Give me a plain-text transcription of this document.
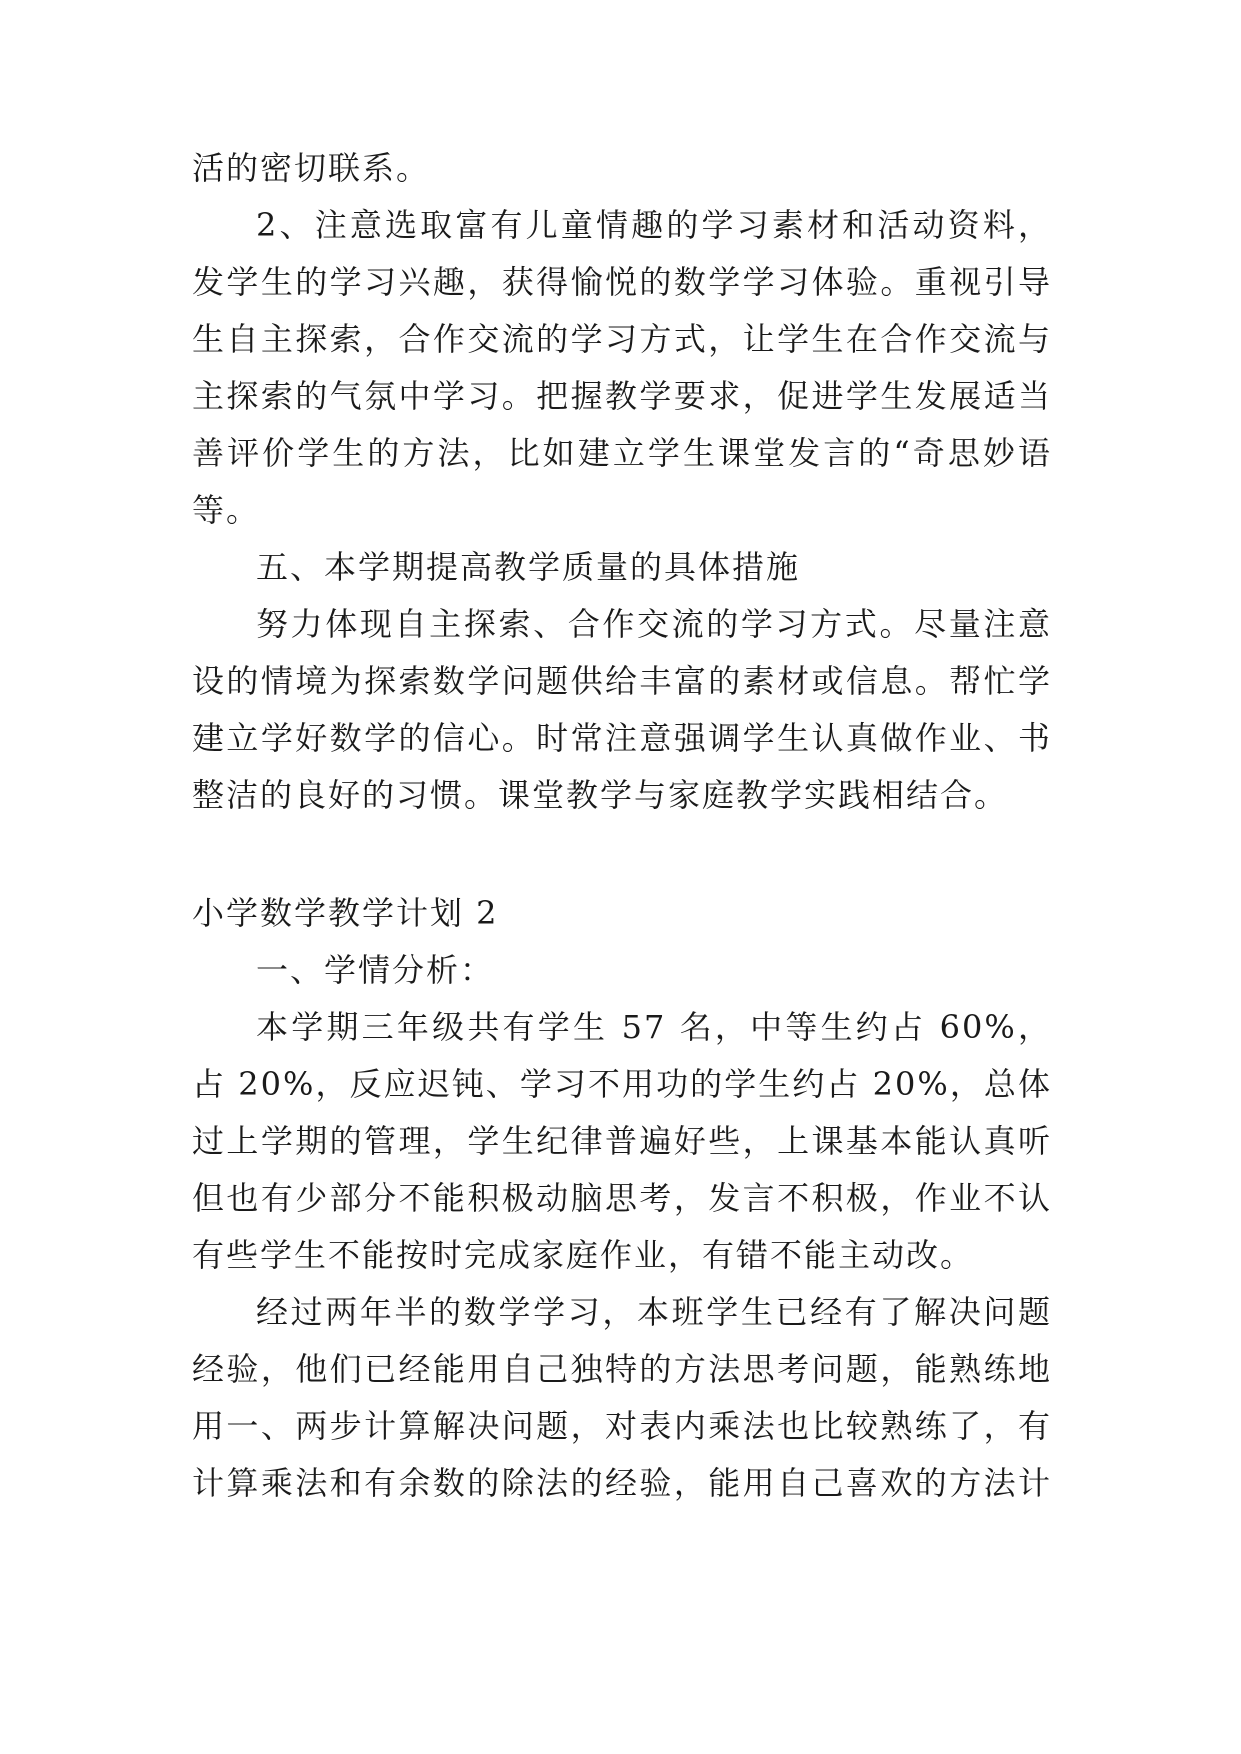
活的密切联系。
2、注意选取富有儿童情趣的学习素材和活动资料，
发学生的学习兴趣，获得愉悦的数学学习体验。重视引导
生自主探索，合作交流的学习方式，让学生在合作交流与
主探索的气氛中学习。把握教学要求，促进学生发展适当
善评价学生的方法，比如建立学生课堂发言的“奇思妙语
等。
五、本学期提高教学质量的具体措施
努力体现自主探索、合作交流的学习方式。尽量注意
设的情境为探索数学问题供给丰富的素材或信息。帮忙学
建立学好数学的信心。时常注意强调学生认真做作业、书
整洁的良好的习惯。课堂教学与家庭教学实践相结合。
小学数学教学计划 2
一、学情分析：
本学期三年级共有学生 57 名，中等生约占 60%，
占 20%，反应迟钝、学习不用功的学生约占 20%，总体
过上学期的管理，学生纪律普遍好些，上课基本能认真听
但也有少部分不能积极动脑思考，发言不积极，作业不认
有些学生不能按时完成家庭作业，有错不能主动改。
经过两年半的数学学习，本班学生已经有了解决问题
经验，他们已经能用自己独特的方法思考问题，能熟练地
用一、两步计算解决问题，对表内乘法也比较熟练了，有
计算乘法和有余数的除法的经验，能用自己喜欢的方法计
